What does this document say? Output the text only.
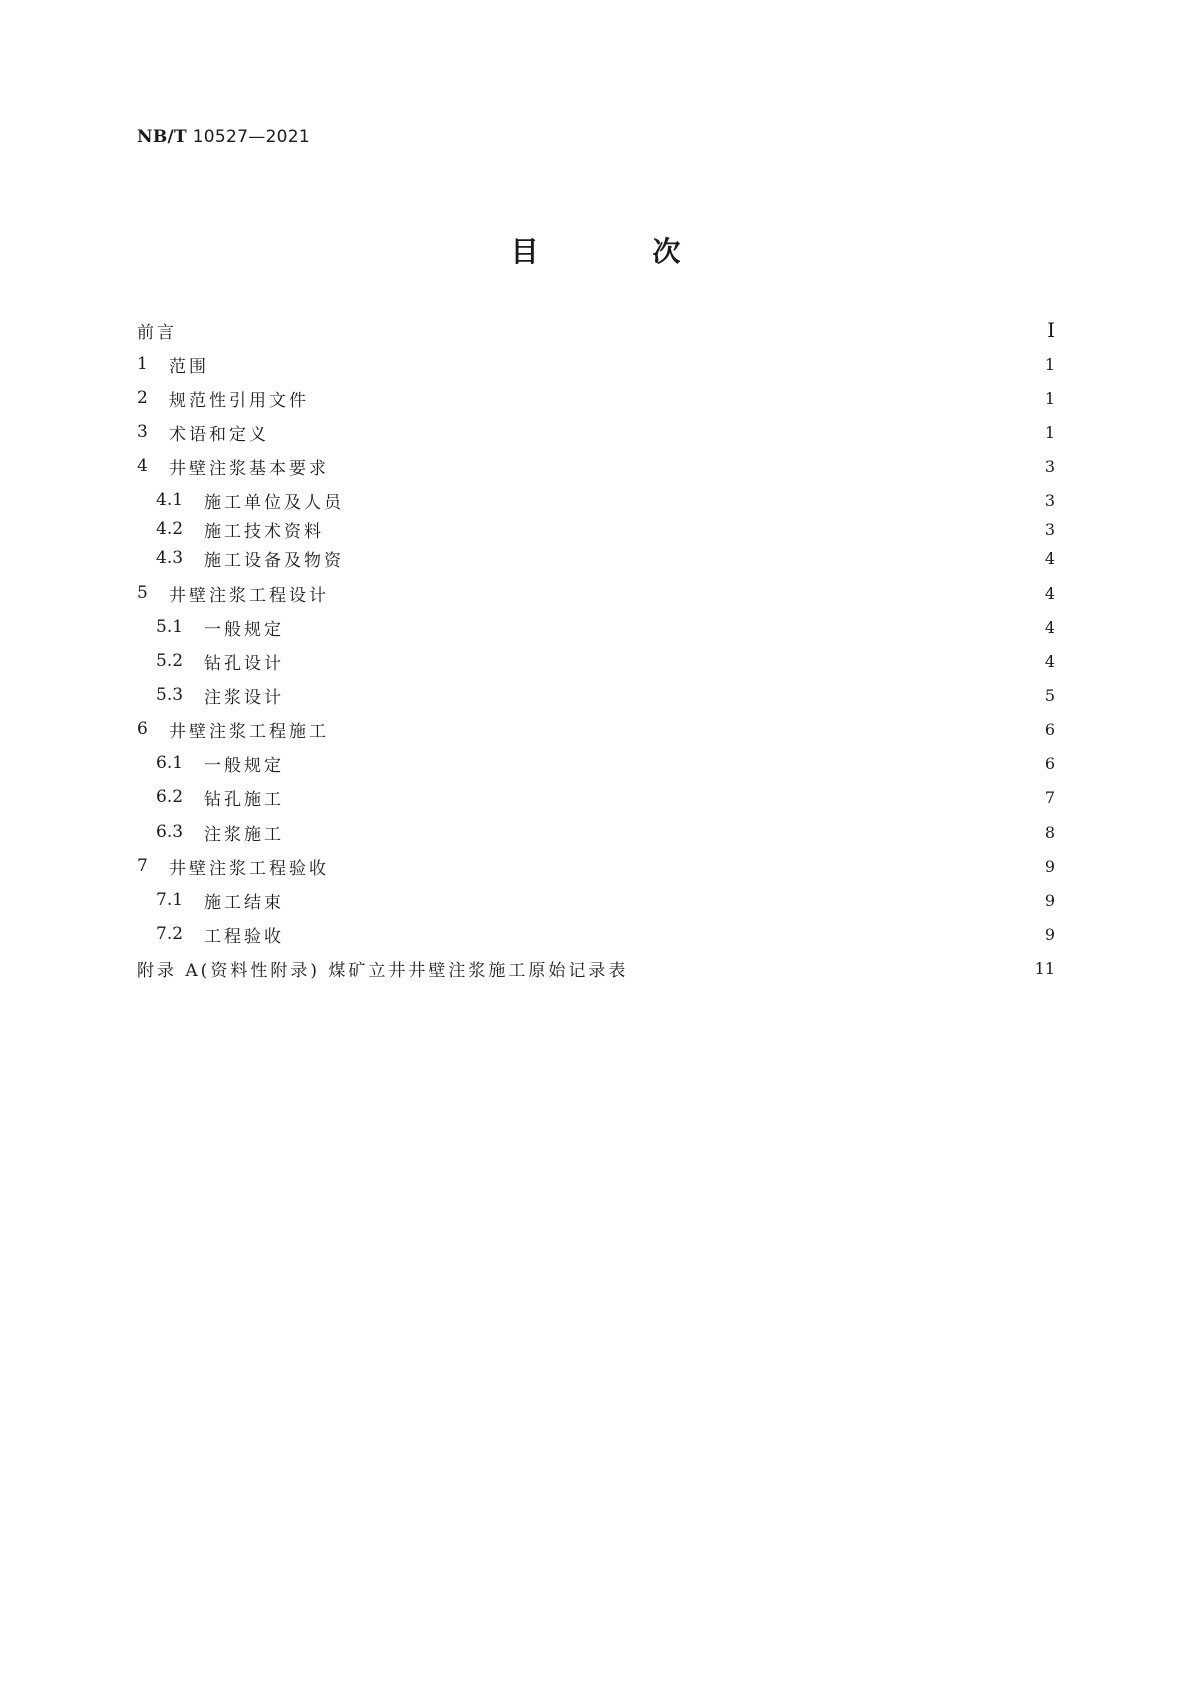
NB/T 10527—2021
目 次
前言	I
1	范围	1
2	规范性引用文件	1
3	术语和定义	1
4	井壁注浆基本要求	3
4.1	施工单位及人员	3
4.2	施工技术资料	3
4.3	施工设备及物资	4
5	井壁注浆工程设计	4
5.1	一般规定	4
5.2	钻孔设计	4
5.3	注浆设计	5
6	井壁注浆工程施工	6
6.1	一般规定	6
6.2	钻孔施工	7
6.3	注浆施工	8
7	井壁注浆工程验收	9
7.1	施工结束	9
7.2	工程验收	9
附录 A(资料性附录) 煤矿立井井壁注浆施工原始记录表	11
